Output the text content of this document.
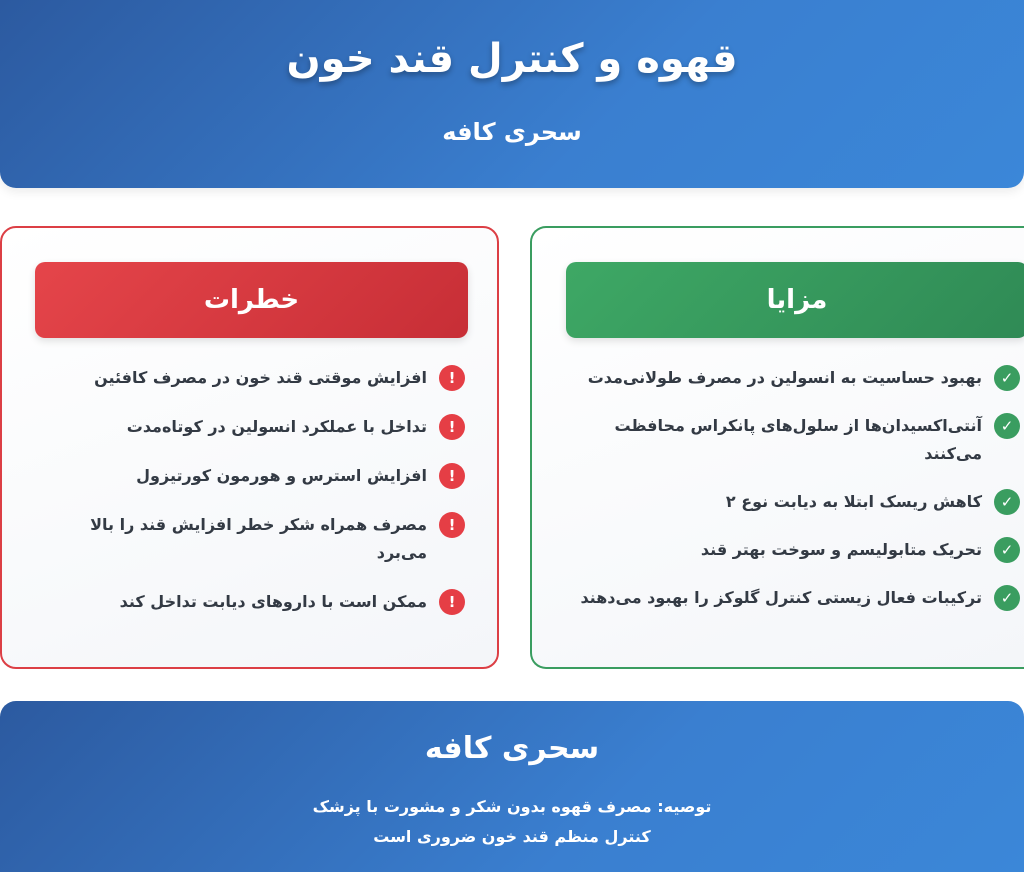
قهوه و کنترل قند خون
سحری کافه
مزایا
✓
بهبود حساسیت به انسولین در مصرف طولانی‌مدت
✓
آنتی‌اکسیدان‌ها از سلول‌های پانکراس محافظت می‌کنند
✓
کاهش ریسک ابتلا به دیابت نوع ۲
✓
تحریک متابولیسم و سوخت بهتر قند
✓
ترکیبات فعال زیستی کنترل گلوکز را بهبود می‌دهند
خطرات
!
افزایش موقتی قند خون در مصرف کافئین
!
تداخل با عملکرد انسولین در کوتاه‌مدت
!
افزایش استرس و هورمون کورتیزول
!
مصرف همراه شکر خطر افزایش قند را بالا می‌برد
!
ممکن است با داروهای دیابت تداخل کند
سحری کافه
توصیه: مصرف قهوه بدون شکر و مشورت با پزشک
کنترل منظم قند خون ضروری است
